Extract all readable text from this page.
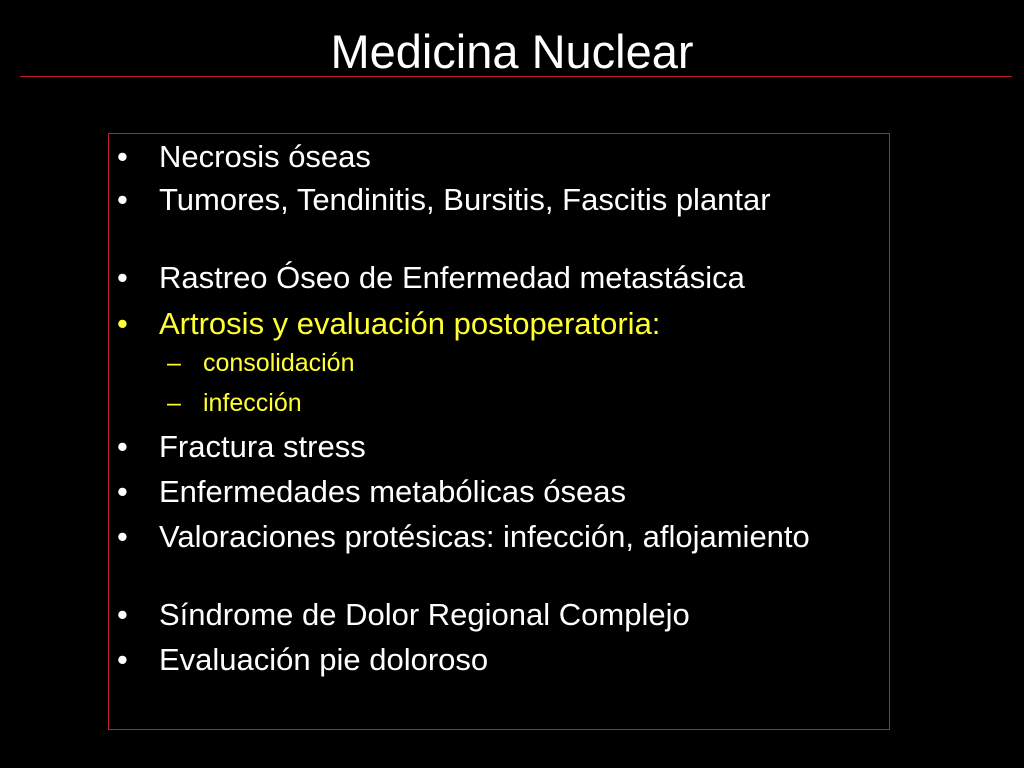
Medicina Nuclear
• Necrosis óseas
• Tumores, Tendinitis, Bursitis, Fascitis plantar
• Rastreo Óseo de Enfermedad metastásica
• Artrosis y evaluación postoperatoria:
– consolidación
– infección
• Fractura stress
• Enfermedades metabólicas óseas
• Valoraciones protésicas: infección, aflojamiento
• Síndrome de Dolor Regional Complejo
• Evaluación pie doloroso
